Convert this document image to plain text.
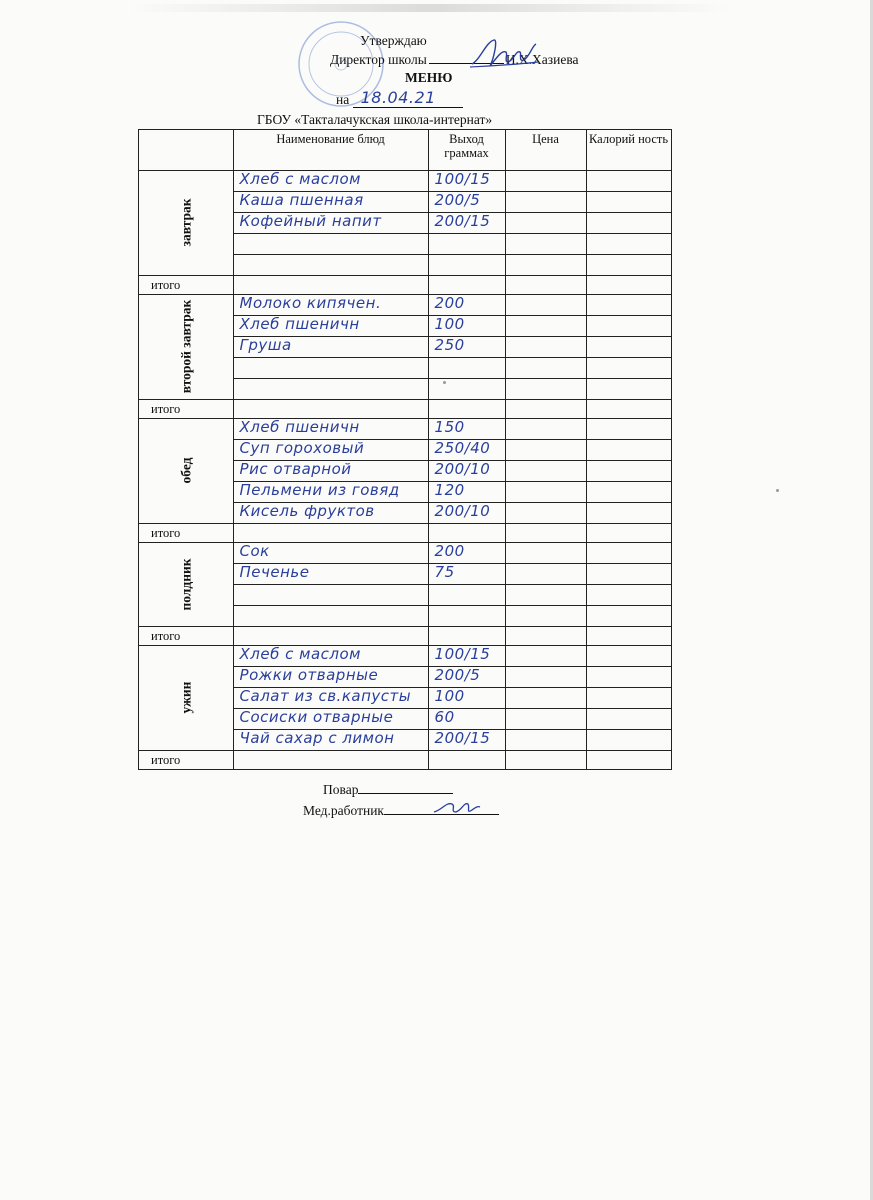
Утверждаю
Директор школы	И.Х.Хазиева
МЕНЮ
на 18.04.21
ГБОУ «Такталачукская школа-интернат»
	Наименование блюд	Выход граммах	Цена	Калорий ность
завтрак	Хлеб с маслом	100/15		

	Каша пшенная	200/5		

	Кофейный напит	200/15		

итого				
второй завтрак	Молоко кипячен.	200		

	Хлеб пшеничн	100		

	Груша	250		

итого				
обед	Хлеб пшеничн	150		

	Суп гороховый	250/40		

	Рис отварной	200/10		

	Пельмени из говяд	120		

	Кисель фруктов	200/10		

итого				
полдник	Сок	200		

	Печенье	75		

итого				
ужин	Хлеб с маслом	100/15		

	Рожки отварные	200/5		

	Салат из св.капусты	100		

	Сосиски отварные	60		

	Чай сахар с лимон	200/15		

итого				
Повар
Мед.работник
